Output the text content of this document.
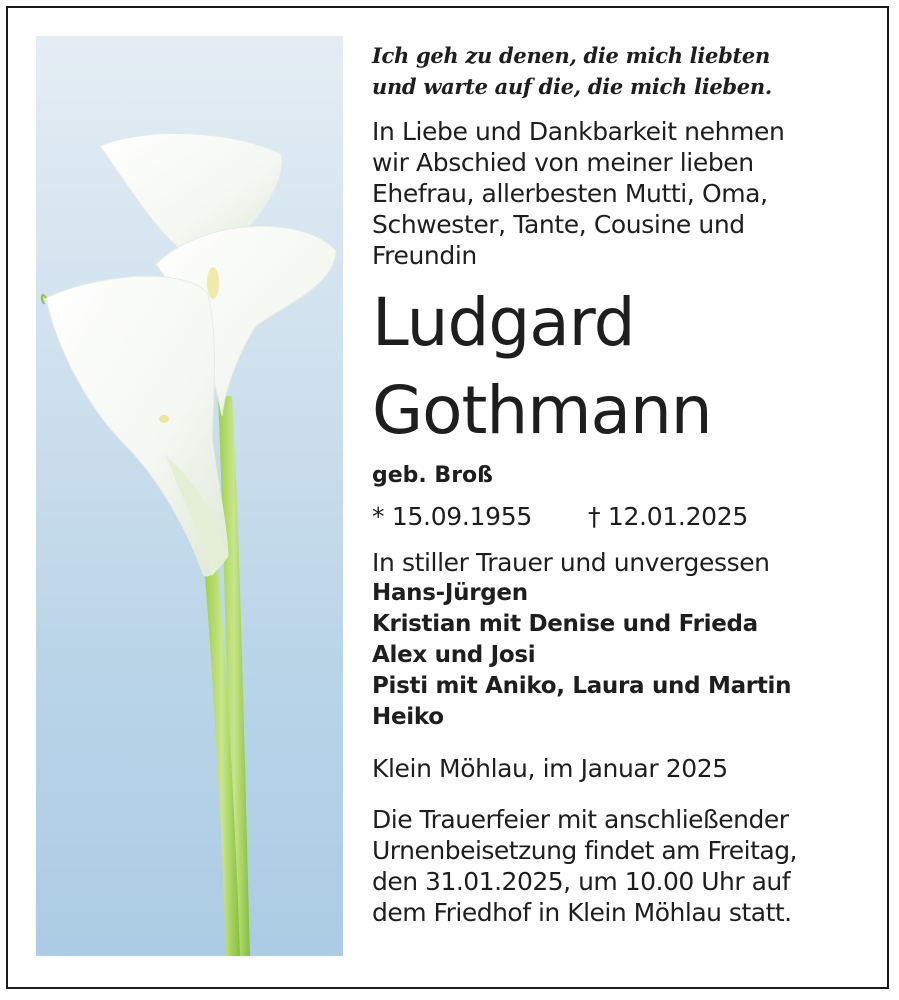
Ich geh zu denen, die mich liebten
und warte auf die, die mich lieben.
In Liebe und Dankbarkeit nehmen
wir Abschied von meiner lieben
Ehefrau, allerbesten Mutti, Oma,
Schwester, Tante, Cousine und
Freundin
Ludgard
Gothmann
geb. Broß
* 15.09.1955 † 12.01.2025
In stiller Trauer und unvergessen
Hans-Jürgen
Kristian mit Denise und Frieda
Alex und Josi
Pisti mit Aniko, Laura und Martin
Heiko
Klein Möhlau, im Januar 2025
Die Trauerfeier mit anschließender
Urnenbeisetzung findet am Freitag,
den 31.01.2025, um 10.00 Uhr auf
dem Friedhof in Klein Möhlau statt.
